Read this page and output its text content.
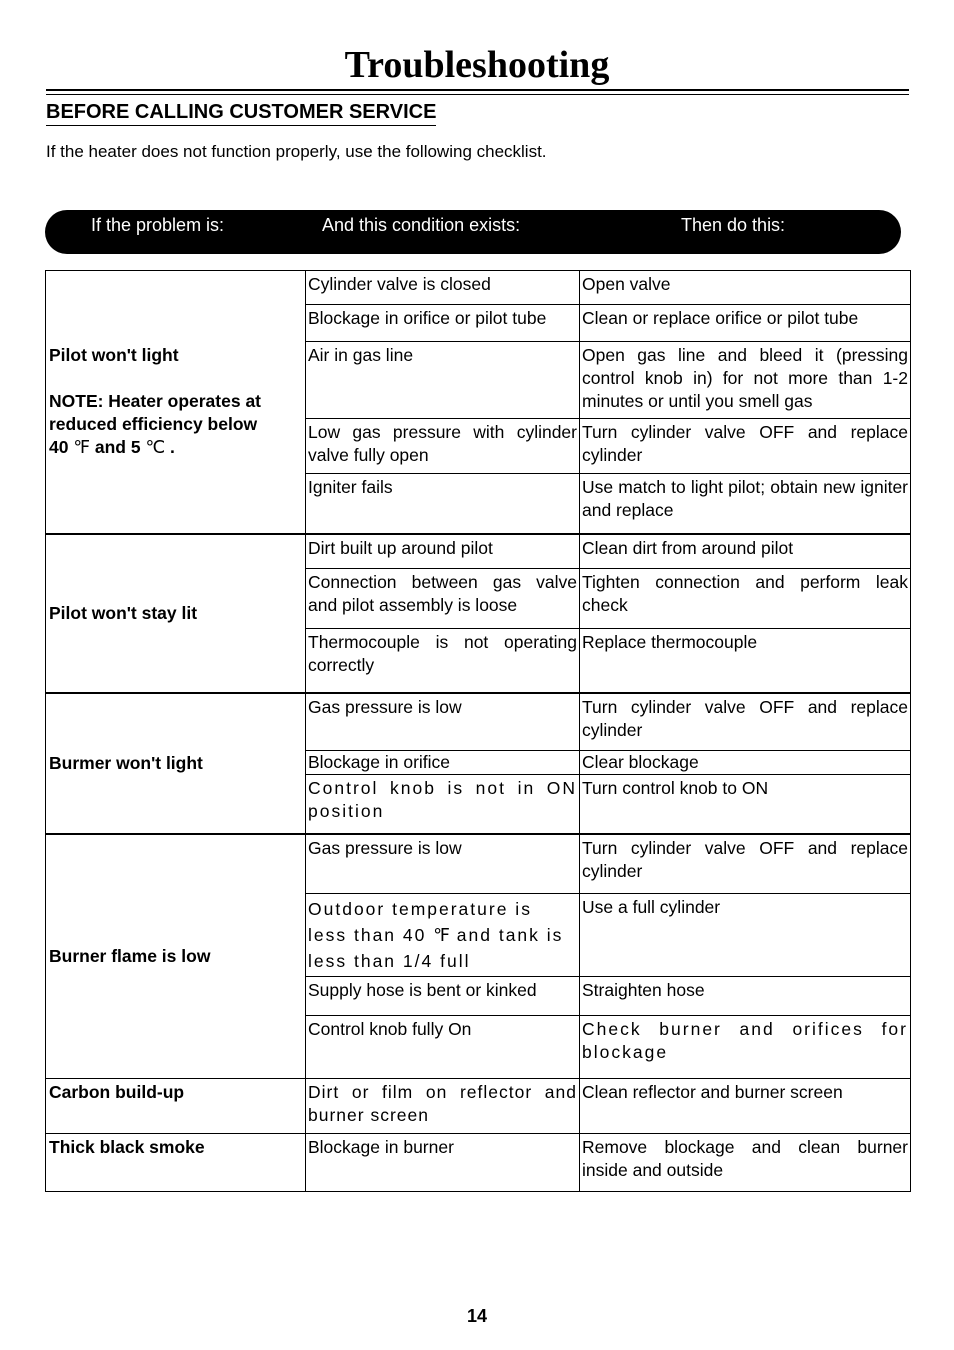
Troubleshooting
BEFORE CALLING CUSTOMER SERVICE
If the heater does not function properly, use the following checklist.
If the problem is:	And this condition exists:	Then do this:
Pilot won't light
NOTE: Heater operates at
reduced efficiency below
40 ℉ and 5 ℃ .	Cylinder valve is closed	Open valve
	Blockage in orifice or pilot tube	Clean or replace orifice or pilot tube
	Air in gas line	Open gas line and bleed it (pressing control knob in) for not more than 1-2 minutes or until you smell gas
	Low gas pressure with cylinder valve fully open	Turn cylinder valve OFF and replace cylinder
	Igniter fails	Use match to light pilot; obtain new igniter and replace
Pilot won't stay lit	Dirt built up around pilot	Clean dirt from around pilot
	Connection between gas valve and pilot assembly is loose	Tighten connection and perform leak check
	Thermocouple is not operating correctly	Replace thermocouple
Burmer won't light	Gas pressure is low	Turn cylinder valve OFF and replace cylinder
	Blockage in orifice	Clear blockage
	Control knob is not in ON position	Turn control knob to ON
Burner flame is low	Gas pressure is low	Turn cylinder valve OFF and replace cylinder
	Outdoor temperature is less than 40 ℉ and tank is less than 1/4 full	Use a full cylinder
	Supply hose is bent or kinked	Straighten hose
	Control knob fully On	Check burner and orifices for blockage
Carbon build-up	Dirt or film on reflector and burner screen	Clean reflector and burner screen
Thick black smoke	Blockage in burner	Remove blockage and clean burner inside and outside
14
